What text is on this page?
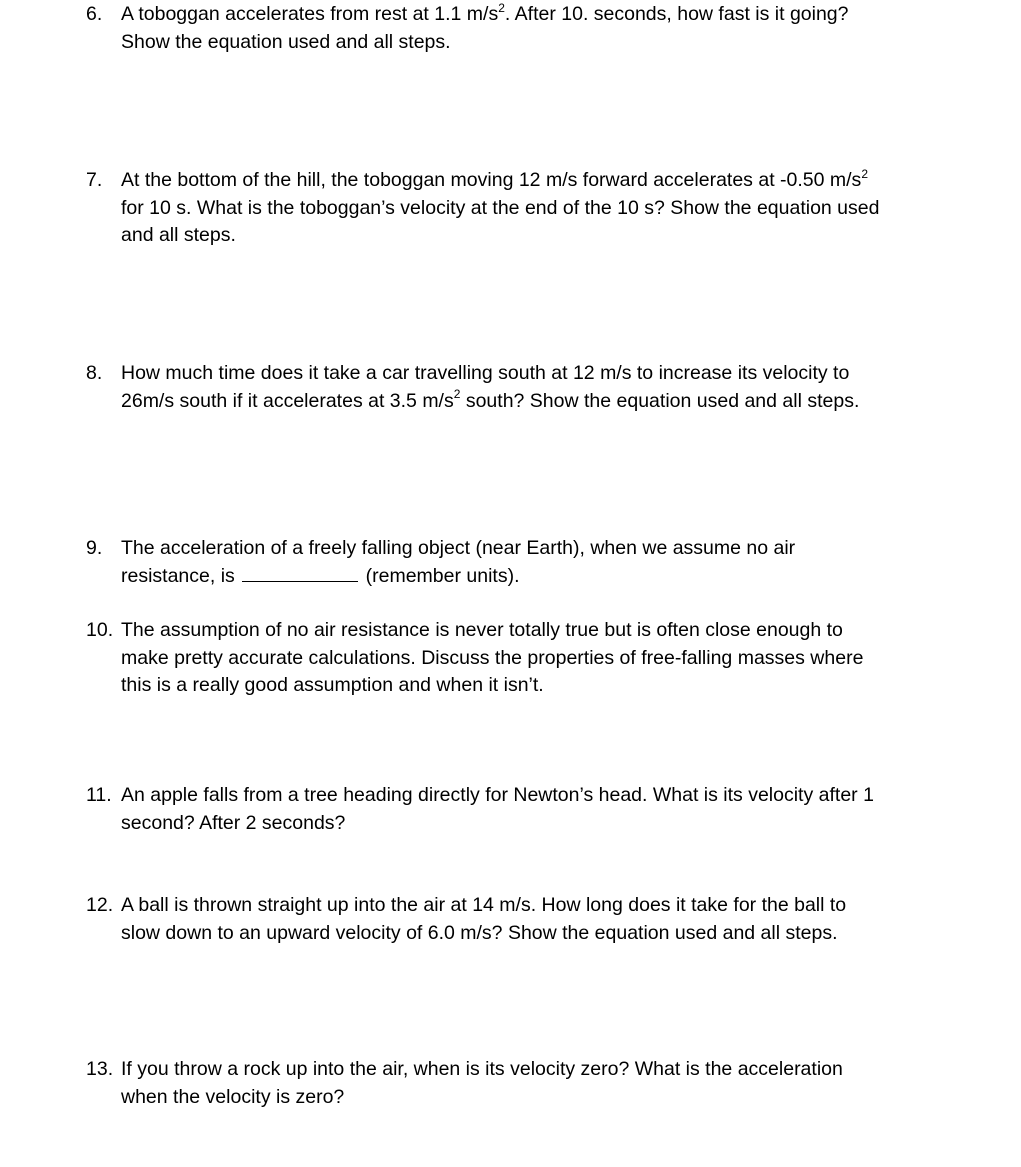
6. A toboggan accelerates from rest at 1.1 $m/s^2$. After 10. seconds, how fast is it going?
Show the equation used and all steps.
7. At the bottom of the hill, the toboggan moving 12 m/s forward accelerates at -0.50 $m/s^2$
for 10 s. What is the toboggan’s velocity at the end of the 10 s? Show the equation used
and all steps.
8. How much time does it take a car travelling south at 12 m/s to increase its velocity to
26m/s south if it accelerates at 3.5 $m/s^2$ south? Show the equation used and all steps.
9. The acceleration of a freely falling object (near Earth), when we assume no air
resistance, is	(remember units).
10. The assumption of no air resistance is never totally true but is often close enough to
make pretty accurate calculations. Discuss the properties of free-falling masses where
this is a really good assumption and when it isn’t.
11. An apple falls from a tree heading directly for Newton’s head. What is its velocity after 1
second? After 2 seconds?
12. A ball is thrown straight up into the air at 14 m/s. How long does it take for the ball to
slow down to an upward velocity of 6.0 m/s? Show the equation used and all steps.
13. If you throw a rock up into the air, when is its velocity zero? What is the acceleration
when the velocity is zero?
